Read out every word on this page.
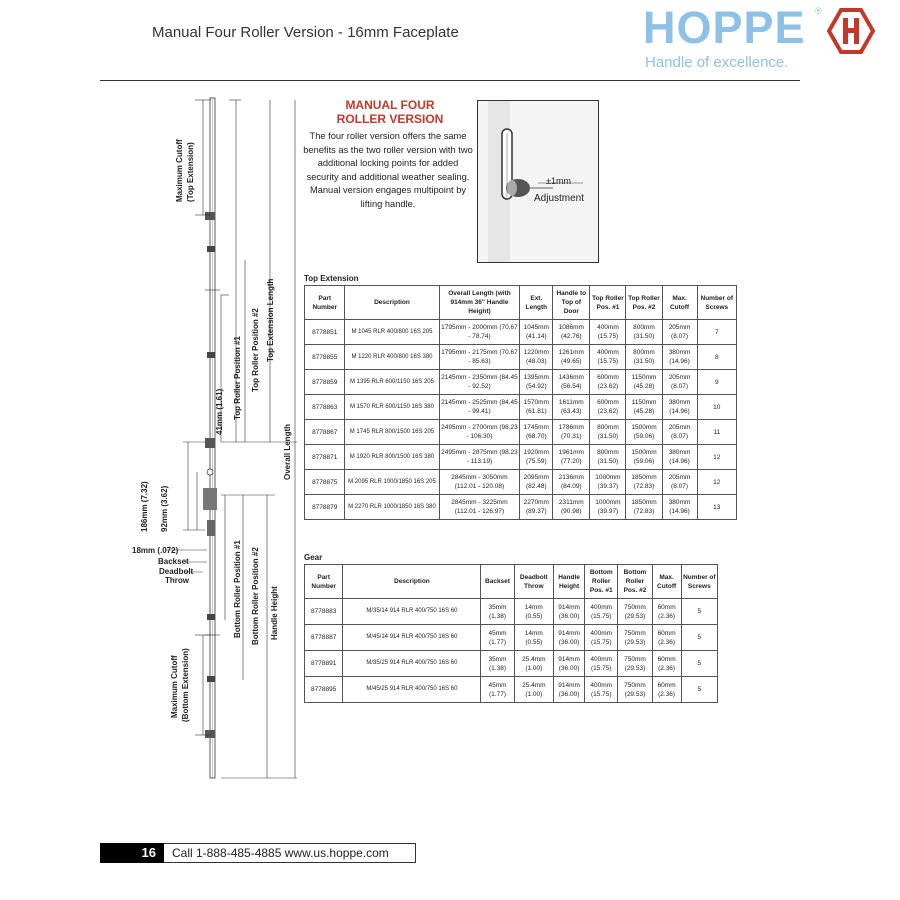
Manual Four Roller Version - 16mm Faceplate	HOPPE ®
Handle of excellence.
Maximum Cutoff (Top Extension)
Top Extension Length
Top Roller Position #2
Top Roller Position #1
41mm (1.61)
Overall Length
186mm (7.32) 92mm (3.62)
18mm (.072)
Backset
Deadbolt
Throw	Bottom Roller Position #1 Bottom Roller Position #2 Handle Height
Maximum Cutoff (Bottom Extension)
MANUAL FOUR
ROLLER VERSION
The four roller version offers the same benefits as the two roller version with two additional locking points for added security and additional weather sealing. Manual version engages multipoint by lifting handle.
±1mm
Adjustment
Top Extension
Part Number	Description	Overall Length (with 914mm 36" Handle Height)	Ext. Length	Handle to Top of Door	Top Roller Pos. #1	Top Roller Pos. #2	Max. Cutoff	Number of Screws
8778851	M 1045 RLR 400/800 16S 205	1795mm - 2000mm (70.67 - 78.74)	1045mm (41.14)	1086mm (42.76)	400mm (15.75)	800mm (31.50)	205mm (8.07)	7
8778855	M 1220 RLR 400/800 16S 380	1795mm - 2175mm (70.67 - 85.63)	1220mm (48.03)	1261mm (49.65)	400mm (15.75)	800mm (31.50)	380mm (14.96)	8
8778859	M 1395 RLR 600/1150 16S 205	2145mm - 2350mm (84.45 - 92.52)	1395mm (54.92)	1436mm (56.54)	600mm (23.62)	1150mm (45.28)	205mm (8.07)	9
8778863	M 1570 RLR 600/1150 16S 380	2145mm - 2525mm (84.45 - 99.41)	1570mm (61.81)	1611mm (63.43)	600mm (23.62)	1150mm (45.28)	380mm (14.96)	10
8778867	M 1745 RLR 800/1500 16S 205	2495mm - 2700mm (98.23 - 106.30)	1745mm (68.70)	1786mm (70.31)	800mm (31.50)	1500mm (59.06)	205mm (8.07)	11
8778871	M 1920 RLR 800/1500 16S 380	2495mm - 2875mm (98.23 - 113.19)	1920mm (75.59)	1961mm (77.20)	800mm (31.50)	1500mm (59.06)	380mm (14.96)	12
8778875	M 2095 RLR 1000/1850 16S 205	2845mm - 3050mm (112.01 - 120.08)	2095mm (82.48)	2136mm (84.09)	1000mm (39.37)	1850mm (72.83)	205mm (8.07)	12
8778879	M 2270 RLR 1000/1850 16S 380	2845mm - 3225mm (112.01 - 126.97)	2270mm (89.37)	2311mm (90.98)	1000mm (39.97)	1850mm (72.83)	380mm (14.96)	13
Gear
Part Number	Description	Backset	Deadbolt Throw	Handle Height	Bottom Roller Pos. #1	Bottom Roller Pos. #2	Max. Cutoff	Number of Screws
8778883	M/35/14 914 RLR 400/750 16S 60	35mm (1.38)	14mm (0.55)	914mm (36.00)	400mm (15.75)	750mm (29.53)	60mm (2.36)	5
8778887	M/45/14 914 RLR 400/750 16S 60	45mm (1.77)	14mm (0.55)	914mm (36.00)	400mm (15.75)	750mm (29.53)	60mm (2.36)	5
8778891	M/35/25 914 RLR 400/750 16S 60	35mm (1.38)	25.4mm (1.00)	914mm (36.00)	400mm (15.75)	750mm (29.53)	60mm (2.36)	5
8778895	M/45/25 914 RLR 400/750 16S 60	45mm (1.77)	25.4mm (1.00)	914mm (36.00)	400mm (15.75)	750mm (29.53)	60mm (2.36)	5
16	Call 1-888-485-4885 www.us.hoppe.com
